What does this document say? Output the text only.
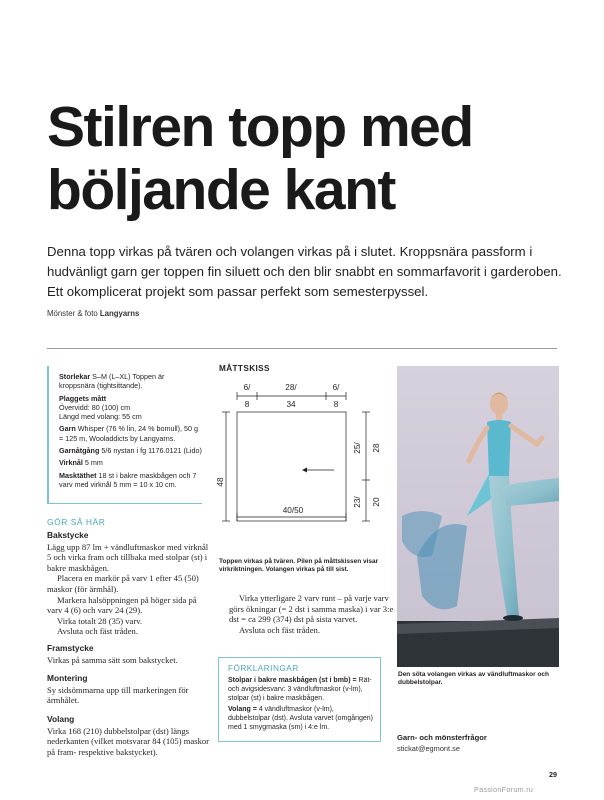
Stilren topp med
böljande kant
Denna topp virkas på tvären och volangen virkas på i slutet. Kroppsnära passform i hudvänligt garn ger toppen fin siluett och den blir snabbt en sommarfavorit i garderoben. Ett okomplicerat projekt som passar perfekt som semesterpyssel.
Mönster & foto Langyarns
Storlekar S–M (L–XL) Toppen är kroppsnära (tightsittande).
Plaggets mått
Övervidd: 80 (100) cm
Längd med volang: 55 cm
Garn Whisper (76 % lin, 24 % bomull), 50 g = 125 m, Wooladdicts by Langyarns.
Garnåtgång 5/6 nystan i fg 1176.0121 (Lido)
Virknål 5 mm
Masktäthet 18 st i bakre maskbågen och 7 varv med virknål 5 mm = 10 x 10 cm.
GÖR SÅ HÄR
Bakstycke
Lägg upp 87 lm + vändluftmaskor med virknål 5 och virka fram och tillbaka med stolpar (st) i bakre maskbågen.
Placera en markör på varv 1 efter 45 (50) maskor (för ärmhål).
Markera halsöppningen på höger sida på varv 4 (6) och varv 24 (29).
Virka totalt 28 (35) varv.
Avsluta och fäst tråden.
Framstycke
Virkas på samma sätt som bakstycket.
Montering
Sy sidsömmarna upp till markeringen för ärmhålet.
Volang
Virka 168 (210) dubbelstolpar (dst) längs nederkanten (vilket motsvarar 84 (105) maskor på fram- respektive bakstycket).
MÅTTSKISS
6/	28/	6/
8	34	8
48
25/ 28
23/ 20
40/50
Toppen virkas på tvären. Pilen på måttskissen visar virkriktningen. Volangen virkas på till sist.
Virka ytterligare 2 varv runt – på varje varv görs ökningar (= 2 dst i samma maska) i var 3:e dst = ca 299 (374) dst på sista varvet.
Avsluta och fäst tråden.
FÖRKLARINGAR
Stolpar i bakre maskbågen (st i bmb) = Rät- och avigsidesvarv: 3 vändluftmaskor (v-lm), stolpar (st) i bakre maskbågen.
Volang = 4 vändluftmaskor (v-lm), dubbelstolpar (dst). Avsluta varvet (omgången) med 1 smygmaska (sm) i 4:e lm.
Den söta volangen virkas av vändluftmaskor och dubbelstolpar.
Garn- och mönsterfrågor
stickat@egmont.se
29
PassionForum.ru
